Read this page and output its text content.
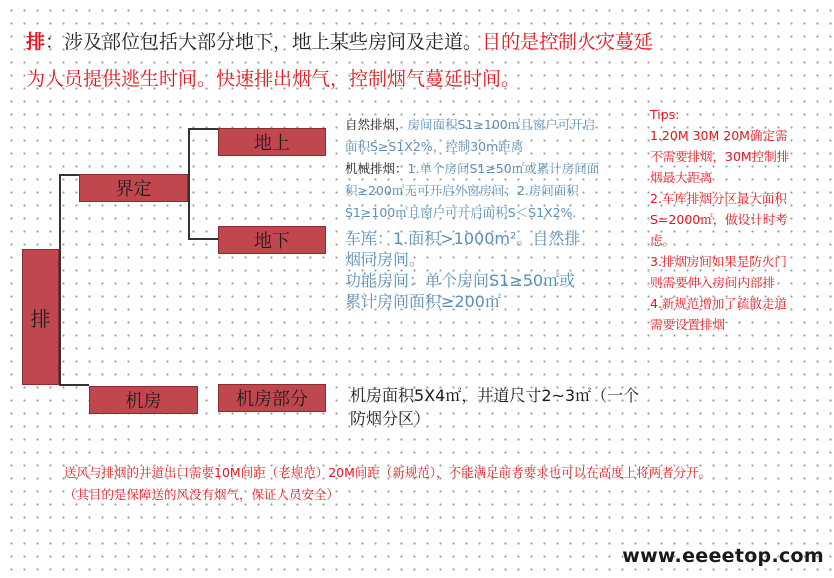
排：涉及部位包括大部分地下，地上某些房间及走道。目的是控制火灾蔓延
为人员提供逃生时间。快速排出烟气，控制烟气蔓延时间。
排
界定
地上
地下
机房	机房部分
自然排烟，房间面积S1≥100㎡且窗户可开启
面积S≥S1X2%，控制30m距离
机械排烟：1.单个房间S1≥50㎡或累计房间面
积≥200㎡无可开启外窗房间；2.房间面积
S1≥100㎡且窗户可开启面积S＜S1X2%.
车库：1.面积>1000m²。自然排
烟同房间。
功能房间：单个房间S1≥50㎡或
累计房间面积≥200㎡
机房面积5X4㎡，井道尺寸2~3㎡（一个
防烟分区）
Tips:
1.20M 30M 20M确定需
不需要排烟，30M控制排
烟最大距离
2.车库排烟分区最大面积
S=2000㎡，做设计时考
虑。
3.排烟房间如果是防火门
则需要伸入房间内部排
4.新规范增加了疏散走道
需要设置排烟
送风与排烟的井道出口需要10M间距（老规范）20M间距（新规范），不能满足前者要求也可以在高度上将两者分开。
（其目的是保障送的风没有烟气，保证人员安全）
www.eeeetop.com
